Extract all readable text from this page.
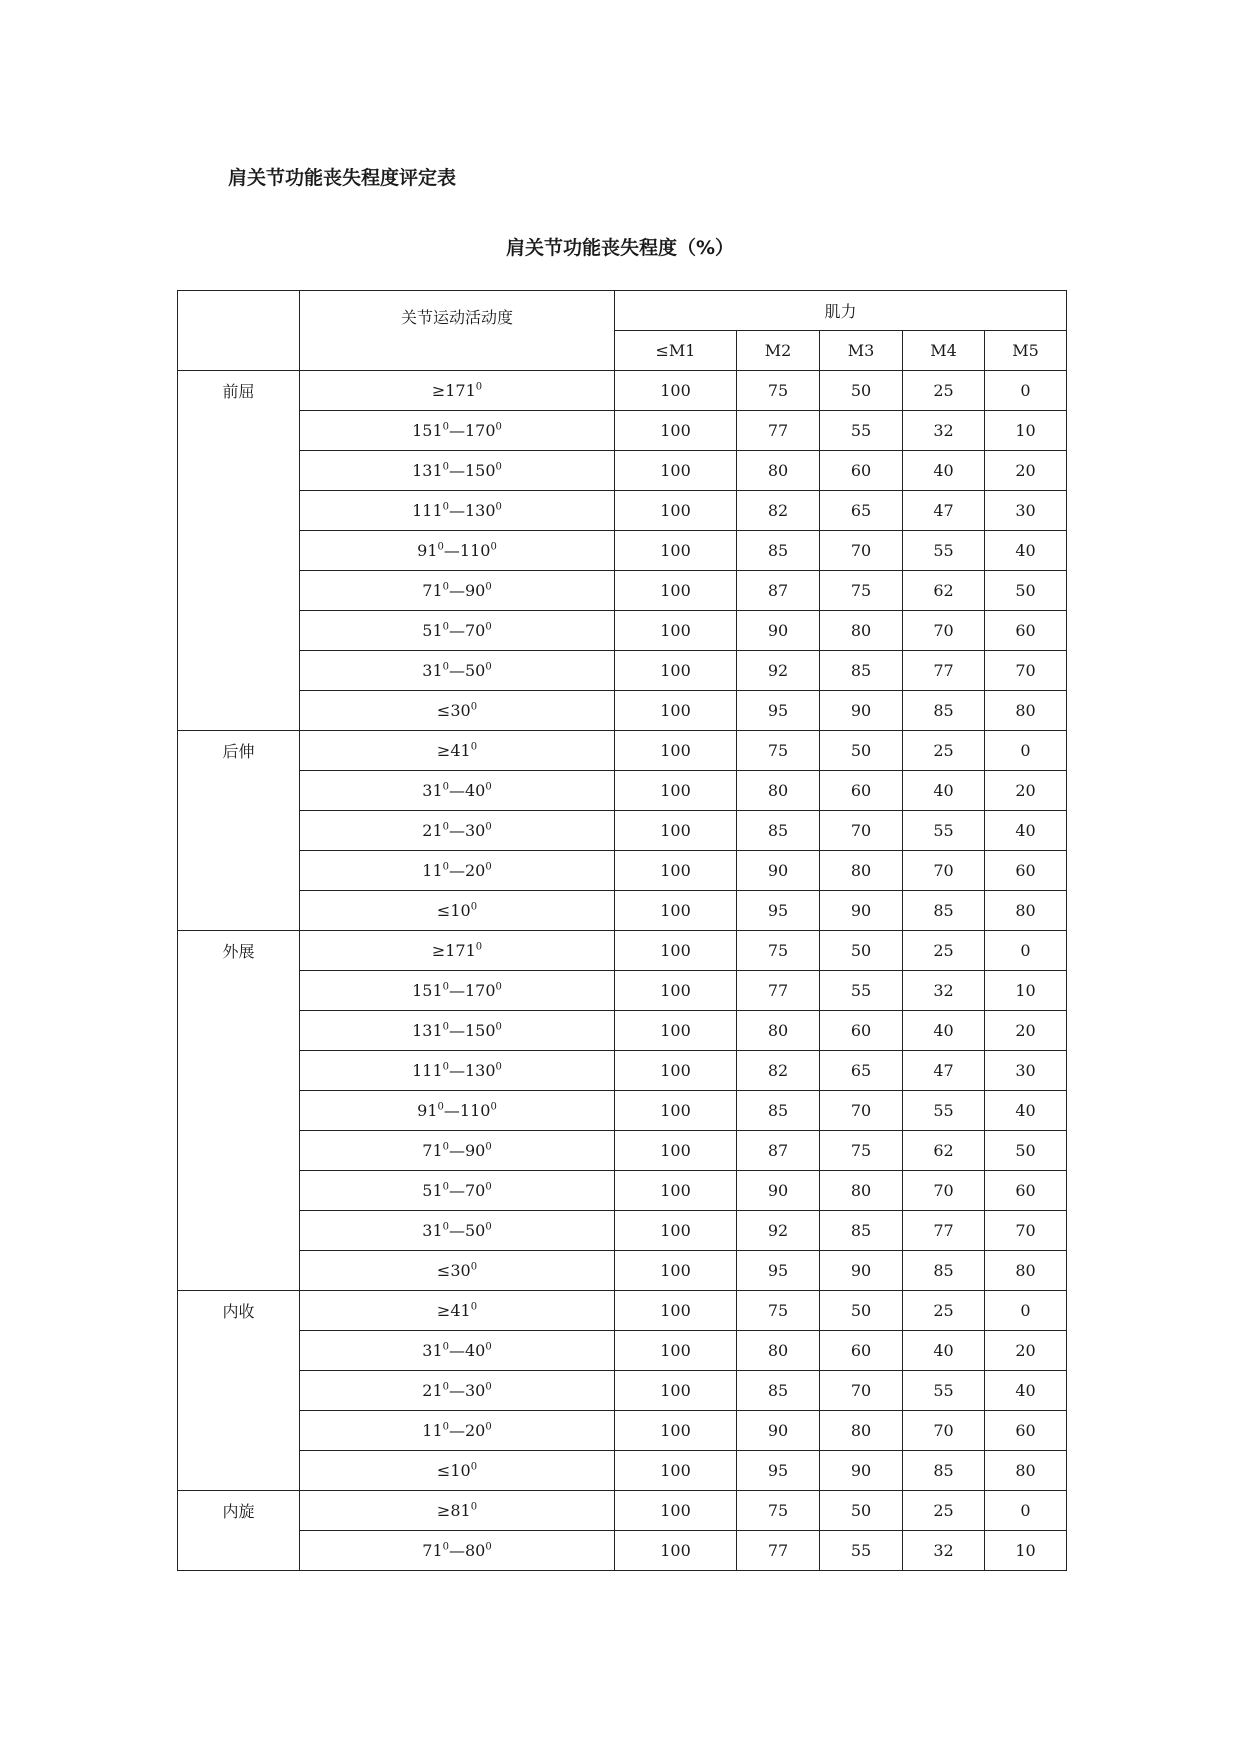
肩关节功能丧失程度评定表
肩关节功能丧失程度（%）
	关节运动活动度	肌力				
		≤M1	M2	M3	M4	M5
前屈	$\ge 171^0$	100	75	50	25	0
	$151^0—170^0$	100	77	55	32	10
	$131^0—150^0$	100	80	60	40	20
	$111^0—130^0$	100	82	65	47	30
	$91^0—110^0$	100	85	70	55	40
	$71^0—90^0$	100	87	75	62	50
	$51^0—70^0$	100	90	80	70	60
	$31^0—50^0$	100	92	85	77	70
	$\le 30^0$	100	95	90	85	80
后伸	$\ge 41^0$	100	75	50	25	0
	$31^0—40^0$	100	80	60	40	20
	$21^0—30^0$	100	85	70	55	40
	$11^0—20^0$	100	90	80	70	60
	$\le 10^0$	100	95	90	85	80
外展	$\ge 171^0$	100	75	50	25	0
	$151^0—170^0$	100	77	55	32	10
	$131^0—150^0$	100	80	60	40	20
	$111^0—130^0$	100	82	65	47	30
	$91^0—110^0$	100	85	70	55	40
	$71^0—90^0$	100	87	75	62	50
	$51^0—70^0$	100	90	80	70	60
	$31^0—50^0$	100	92	85	77	70
	$\le 30^0$	100	95	90	85	80
内收	$\ge 41^0$	100	75	50	25	0
	$31^0—40^0$	100	80	60	40	20
	$21^0—30^0$	100	85	70	55	40
	$11^0—20^0$	100	90	80	70	60
	$\le 10^0$	100	95	90	85	80
内旋	$\ge 81^0$	100	75	50	25	0
	$71^0—80^0$	100	77	55	32	10
